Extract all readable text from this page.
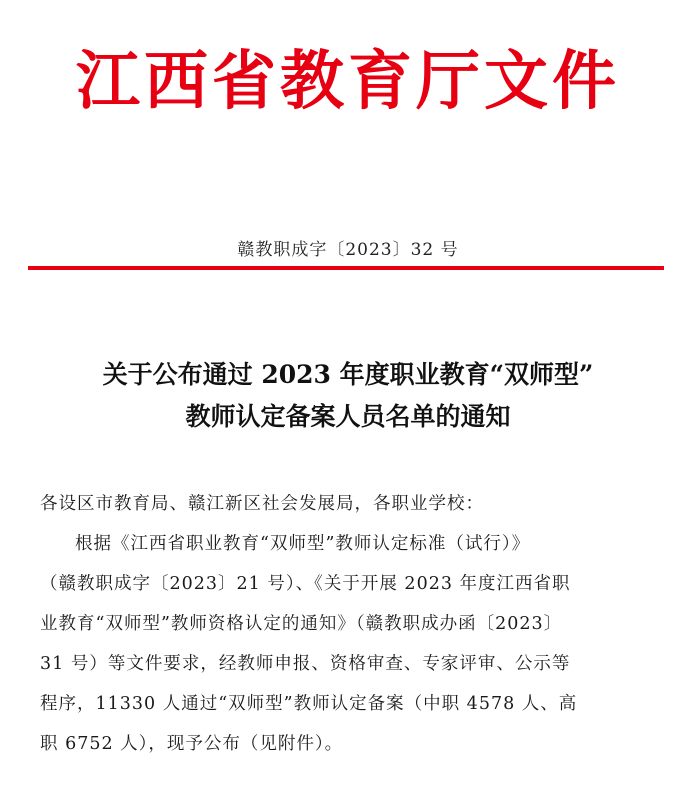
江西省教育厅文件
赣教职成字〔2023〕32 号
关于公布通过 2023 年度职业教育“双师型”
教师认定备案人员名单的通知
各设区市教育局、赣江新区社会发展局，各职业学校：
根据《江西省职业教育“双师型”教师认定标准（试行）》
（赣教职成字〔2023〕21 号）、《关于开展 2023 年度江西省职
业教育“双师型”教师资格认定的通知》（赣教职成办函〔2023〕
31 号）等文件要求，经教师申报、资格审查、专家评审、公示等
程序，11330 人通过“双师型”教师认定备案（中职 4578 人、高
职 6752 人），现予公布（见附件）。
